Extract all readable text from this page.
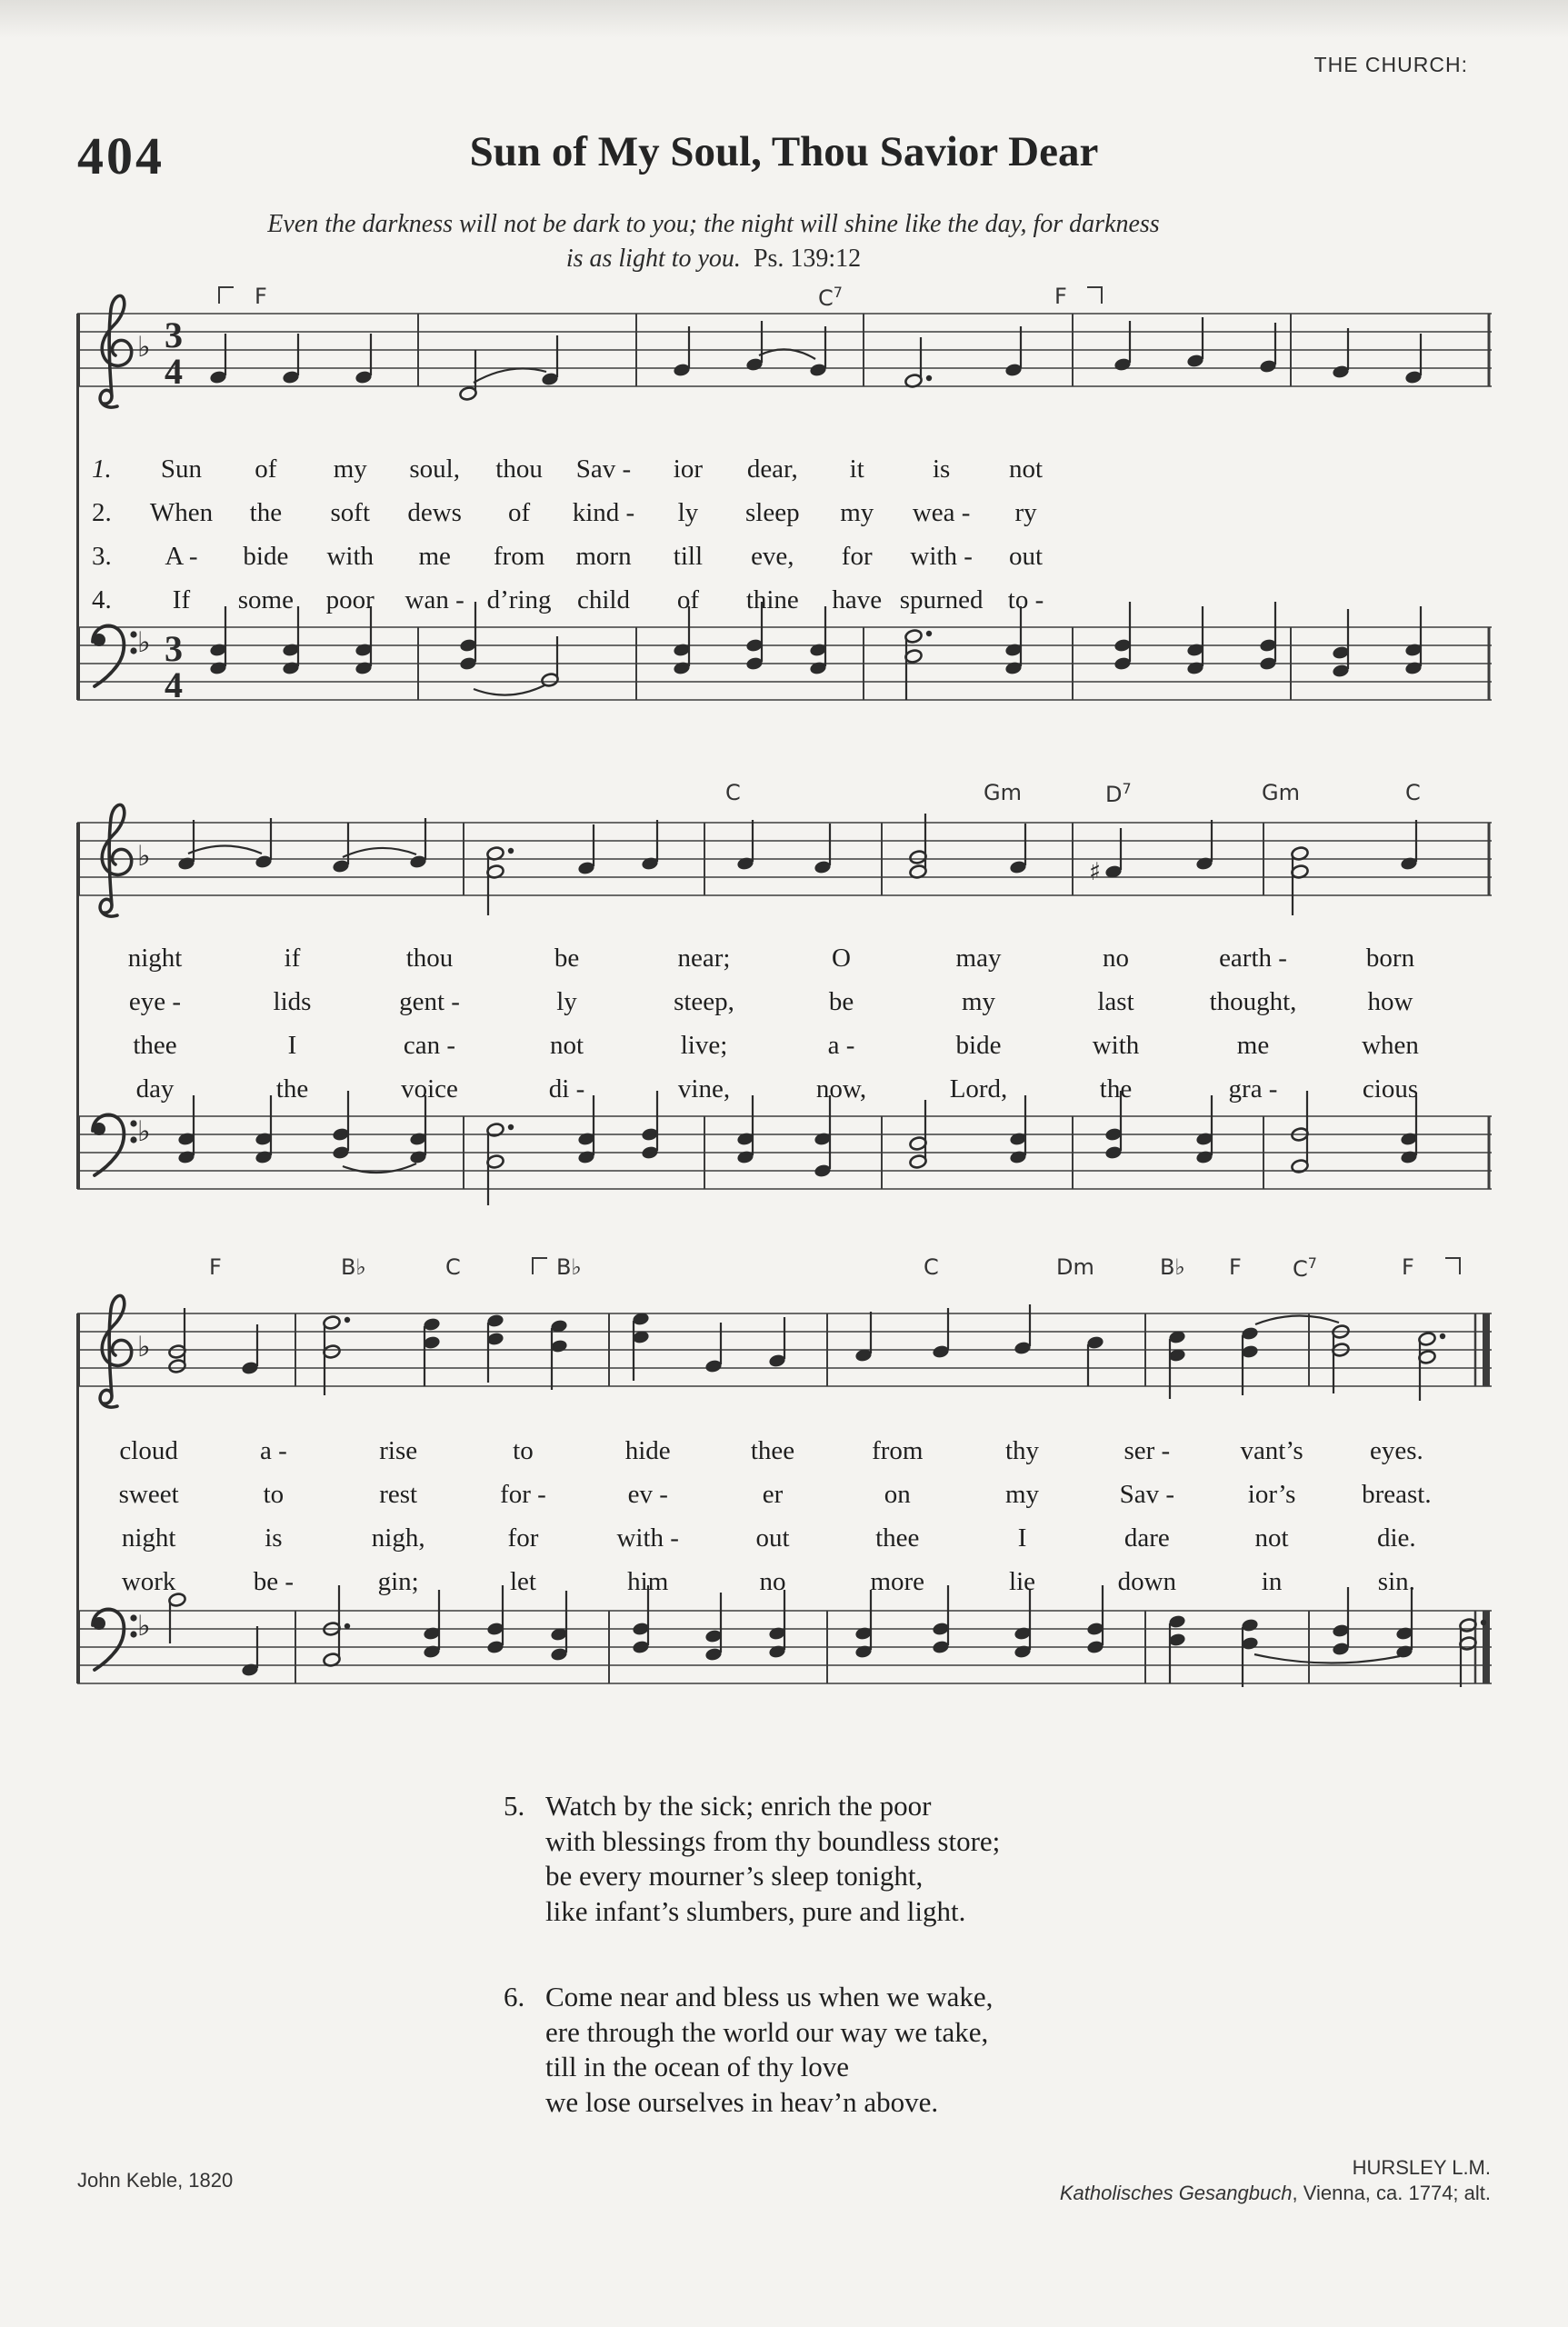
THE CHURCH:
404	Sun of My Soul, Thou Savior Dear
Even the darkness will not be dark to you; the night will shine like the day, for darkness
is as light to you. Ps. 139:12
5. Watch by the sick; enrich the poor
with blessings from thy boundless store;
be every mourner’s sleep tonight,
like infant’s slumbers, pure and light.
6. Come near and bless us when we wake,
ere through the world our way we take,
till in the ocean of thy love
we lose ourselves in heav’n above.
John Keble, 1820
HURSLEY L.M.
Katholisches Gesangbuch, Vienna, ca. 1774; alt.
F	$C^7$	F
C	Gm	$D^7$	Gm	C
F	B♭	C	B♭	C	Dm	B♭ F $C^7$	F
1.	Sun	of	my	soul,	thou	Sav -	ior	dear,	it	is	not
2.	When	the	soft	dews	of	kind -	ly	sleep	my	wea -	ry
3.	A -	bide	with	me	from	morn	till	eve,	for	with -	out
4.	If	some	poor	wan - d’ring child	of	thine	have spurned to -
night	if	thou	be	near;	O	may	no	earth -	born
eye -	lids	gent -	ly	steep,	be	my	last	thought,	how
thee	I	can -	not	live;	a -	bide	with	me	when
day	the	voice	di -	vine,	now,	Lord,	the	gra -	cious
cloud	a -	rise	to	hide	thee	from	thy	ser -	vant’s	eyes.
sweet	to	rest	for -	ev -	er	on	my	Sav -	ior’s	breast.
night	is	nigh,	for	with -	out	thee	I	dare	not	die.
work	be -	gin;	let	him	no	more	lie	down	in	sin.
♭ 3
4
♭	♯
♭
♭ 3
4
♭
♭
